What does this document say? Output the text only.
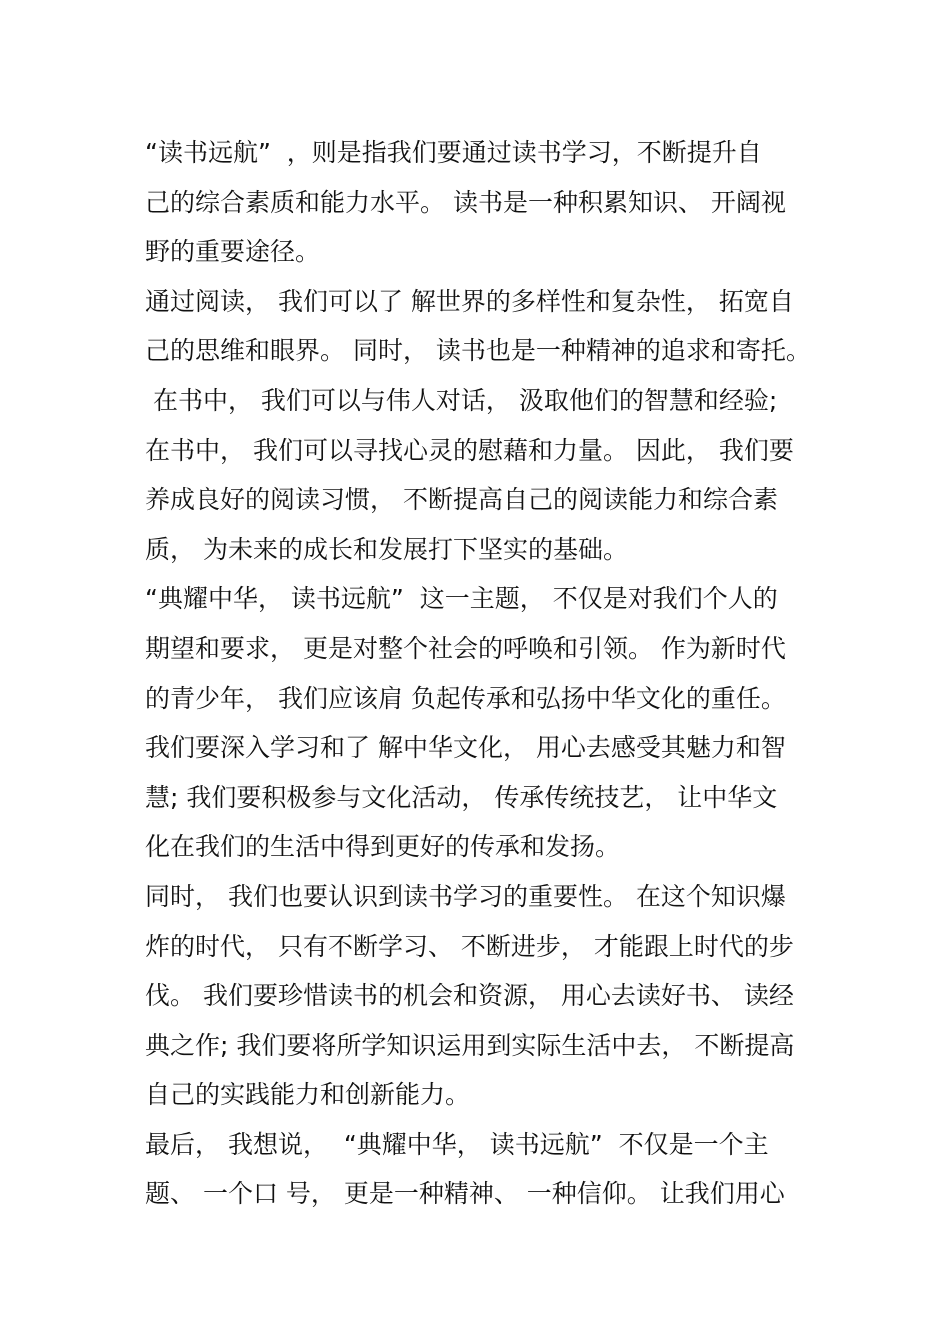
“读书远航”  ，则是指我们要通过读书学习，不断提升自
己的综合素质和能力水平。 读书是一种积累知识、 开阔视
野的重要途径。
通过阅读， 我们可以了 解世界的多样性和复杂性， 拓宽自
己的思维和眼界。 同时， 读书也是一种精神的追求和寄托。
在书中， 我们可以与伟人对话， 汲取他们的智慧和经验;
在书中， 我们可以寻找心灵的慰藉和力量。 因此， 我们要
养成良好的阅读习惯， 不断提高自己的阅读能力和综合素
质， 为未来的成长和发展打下坚实的基础。
“典耀中华， 读书远航”  这一主题， 不仅是对我们个人的
期望和要求， 更是对整个社会的呼唤和引领。 作为新时代
的青少年， 我们应该肩 负起传承和弘扬中华文化的重任。
我们要深入学习和了 解中华文化， 用心去感受其魅力和智
慧; 我们要积极参与文化活动， 传承传统技艺， 让中华文
化在我们的生活中得到更好的传承和发扬。
同时， 我们也要认识到读书学习的重要性。 在这个知识爆
炸的时代， 只有不断学习、 不断进步， 才能跟上时代的步
伐。 我们要珍惜读书的机会和资源， 用心去读好书、 读经
典之作; 我们要将所学知识运用到实际生活中去， 不断提高
自己的实践能力和创新能力。
最后， 我想说，  “典耀中华， 读书远航”  不仅是一个主
题、 一个口 号， 更是一种精神、 一种信仰。 让我们用心
